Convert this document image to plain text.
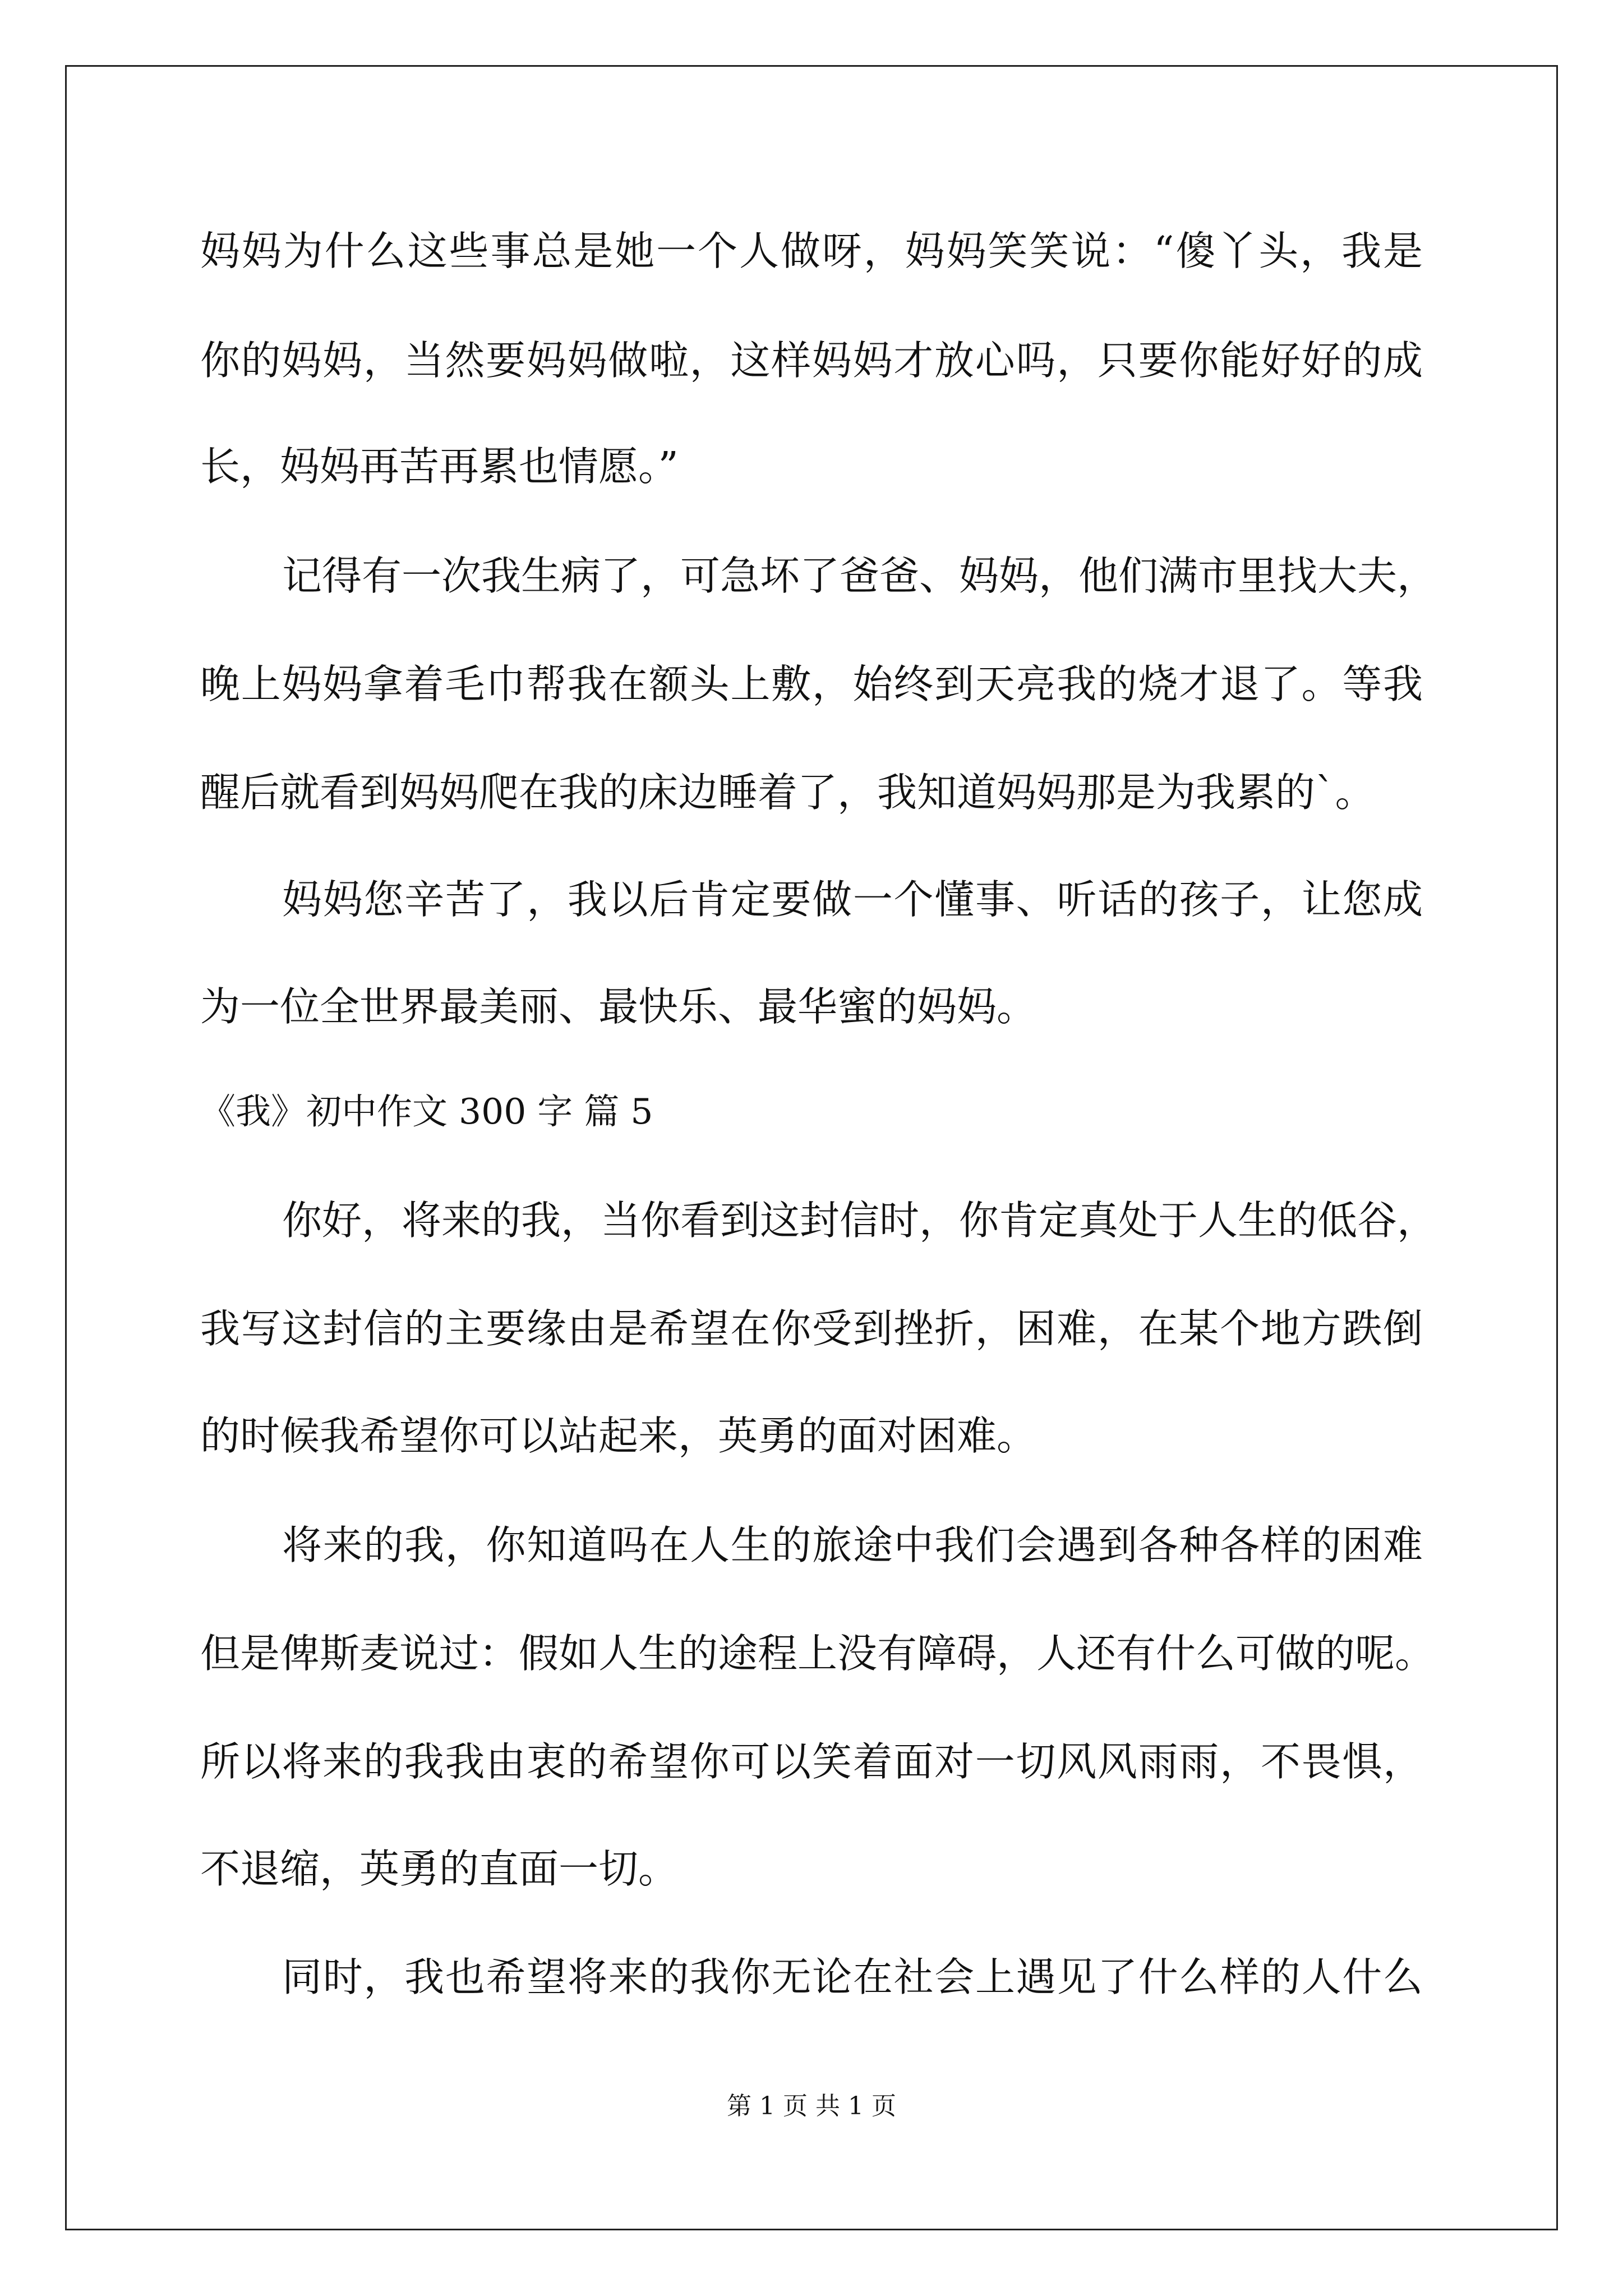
妈妈为什么这些事总是她一个人做呀，妈妈笑笑说：“傻丫头，我是

你的妈妈，当然要妈妈做啦，这样妈妈才放心吗，只要你能好好的成

长，妈妈再苦再累也情愿。”

记得有一次我生病了，可急坏了爸爸、妈妈，他们满市里找大夫，

晚上妈妈拿着毛巾帮我在额头上敷，始终到天亮我的烧才退了。等我

醒后就看到妈妈爬在我的床边睡着了，我知道妈妈那是为我累的`。

妈妈您辛苦了，我以后肯定要做一个懂事、听话的孩子，让您成

为一位全世界最美丽、最快乐、最华蜜的妈妈。

《我》初中作文 300 字 篇 5

你好，将来的我，当你看到这封信时，你肯定真处于人生的低谷，

我写这封信的主要缘由是希望在你受到挫折，困难，在某个地方跌倒

的时候我希望你可以站起来，英勇的面对困难。

将来的我，你知道吗在人生的旅途中我们会遇到各种各样的困难

但是俾斯麦说过：假如人生的途程上没有障碍，人还有什么可做的呢。

所以将来的我我由衷的希望你可以笑着面对一切风风雨雨，不畏惧，

不退缩，英勇的直面一切。

同时，我也希望将来的我你无论在社会上遇见了什么样的人什么

第 1 页 共 1 页
